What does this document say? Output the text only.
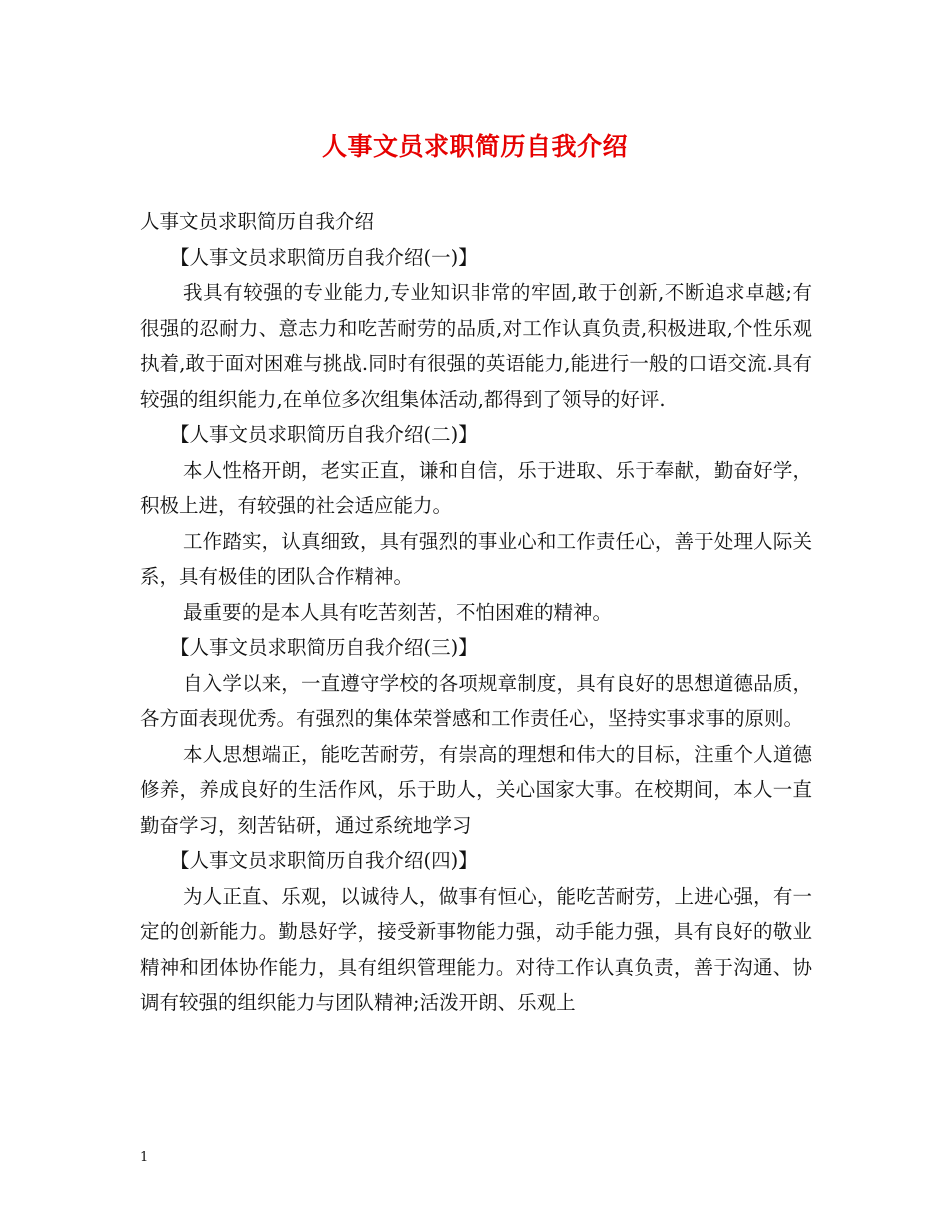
人事文员求职简历自我介绍

人事文员求职简历自我介绍

【人事文员求职简历自我介绍(一)】

我具有较强的专业能力,专业知识非常的牢固,敢于创新,不断追求卓越;有很强的忍耐力、意志力和吃苦耐劳的品质,对工作认真负责,积极进取,个性乐观执着,敢于面对困难与挑战.同时有很强的英语能力,能进行一般的口语交流.具有较强的组织能力,在单位多次组集体活动,都得到了领导的好评.

【人事文员求职简历自我介绍(二)】

本人性格开朗，老实正直，谦和自信，乐于进取、乐于奉献，勤奋好学，积极上进，有较强的社会适应能力。

工作踏实，认真细致，具有强烈的事业心和工作责任心，善于处理人际关系，具有极佳的团队合作精神。

最重要的是本人具有吃苦刻苦，不怕困难的精神。

【人事文员求职简历自我介绍(三)】

自入学以来，一直遵守学校的各项规章制度，具有良好的思想道德品质，各方面表现优秀。有强烈的集体荣誉感和工作责任心，坚持实事求事的原则。

本人思想端正，能吃苦耐劳，有崇高的理想和伟大的目标，注重个人道德修养，养成良好的生活作风，乐于助人，关心国家大事。在校期间，本人一直勤奋学习，刻苦钻研，通过系统地学习

【人事文员求职简历自我介绍(四)】

为人正直、乐观，以诚待人，做事有恒心，能吃苦耐劳，上进心强，有一定的创新能力。勤恳好学，接受新事物能力强，动手能力强，具有良好的敬业精神和团体协作能力，具有组织管理能力。对待工作认真负责，善于沟通、协调有较强的组织能力与团队精神;活泼开朗、乐观上

1
